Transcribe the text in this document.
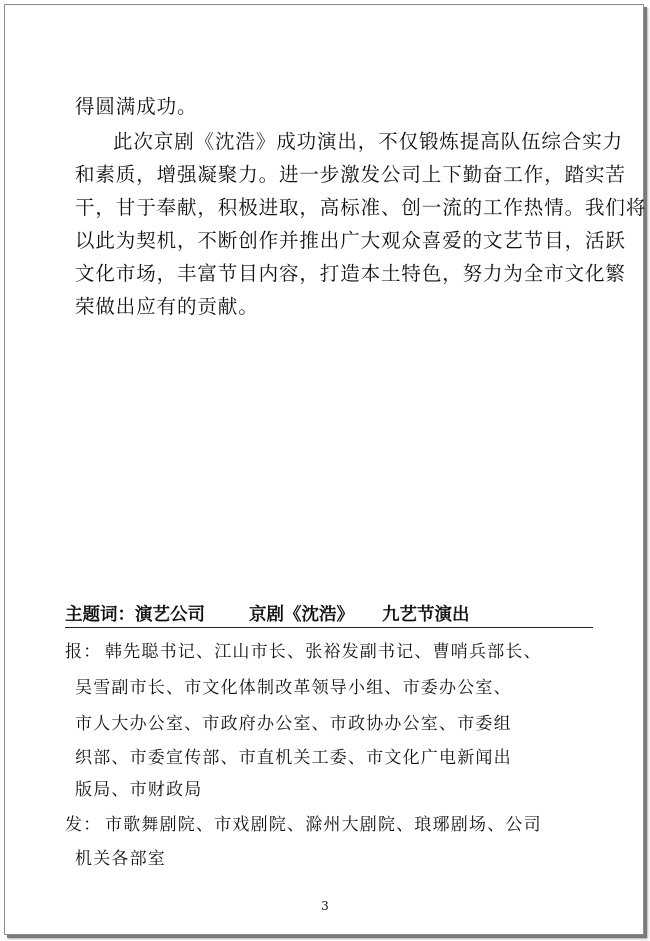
得圆满成功。
此次京剧《沈浩》成功演出，不仅锻炼提高队伍综合实力
和素质，增强凝聚力。进一步激发公司上下勤奋工作，踏实苦
干，甘于奉献，积极进取，高标准、创一流的工作热情。我们将
以此为契机，不断创作并推出广大观众喜爱的文艺节目，活跃
文化市场，丰富节目内容，打造本土特色，努力为全市文化繁
荣做出应有的贡献。
主题词：演艺公司	京剧《沈浩》 九艺节演出
报： 韩先聪书记、江山市长、张裕发副书记、曹哨兵部长、
吴雪副市长、市文化体制改革领导小组、市委办公室、
市人大办公室、市政府办公室、市政协办公室、市委组
织部、市委宣传部、市直机关工委、市文化广电新闻出
版局、市财政局
发： 市歌舞剧院、市戏剧院、滁州大剧院、琅琊剧场、公司
机关各部室
3
